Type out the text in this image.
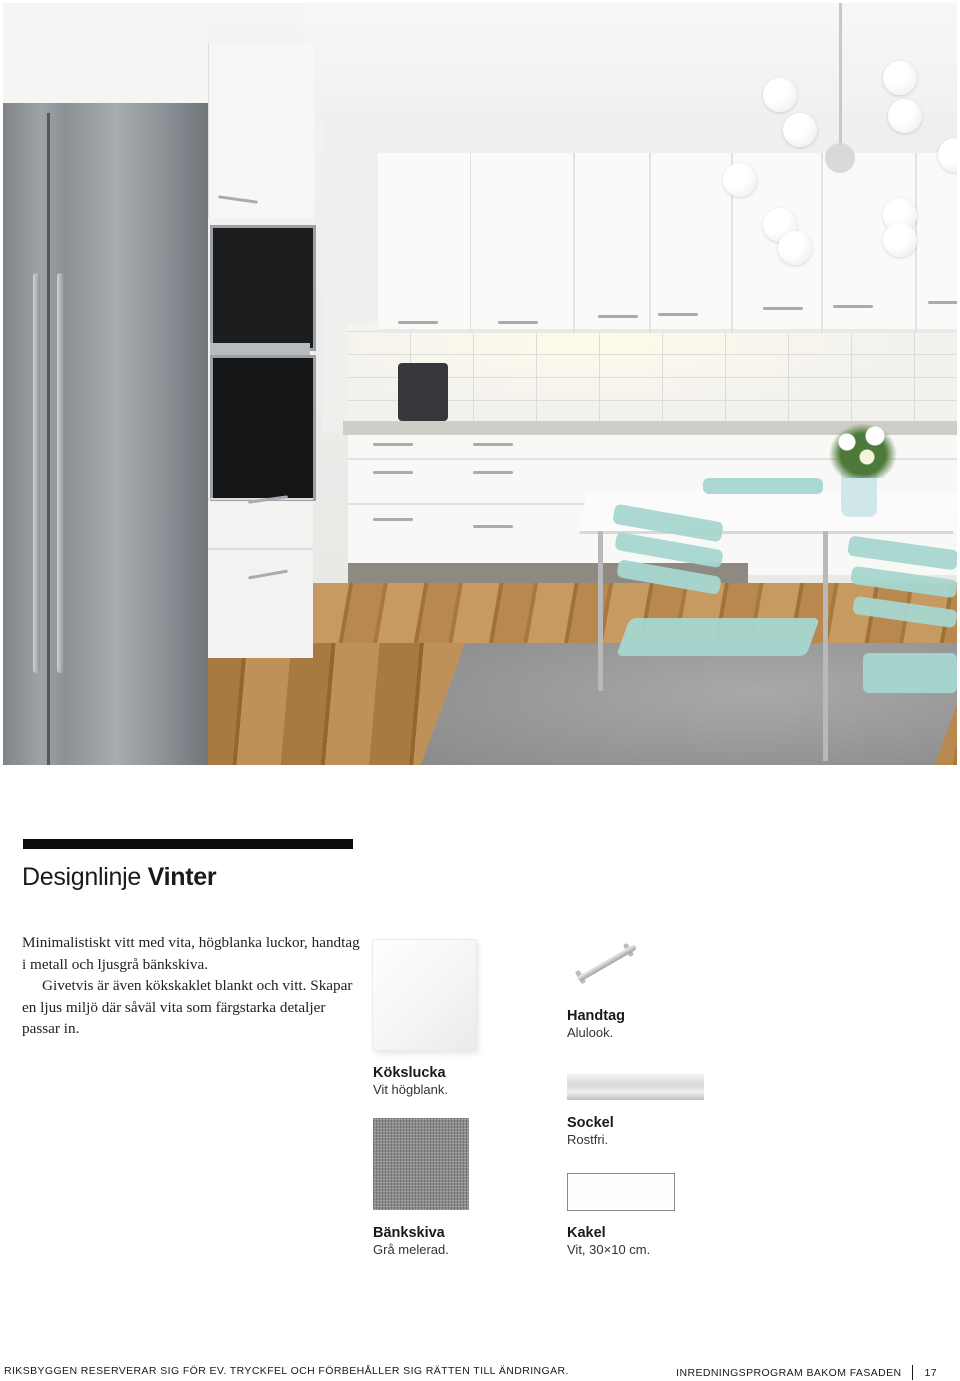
Designlinje Vinter

Minimalistiskt vitt med vita, högblanka luckor, handtag i metall och ljusgrå bänkskiva.

Givetvis är även kökskaklet blankt och vitt. Skapar en ljus miljö där såväl vita som färgstarka detaljer passar in.

Kökslucka
Vit högblank.
Handtag
Alulook.
Sockel
Rostfri.
Bänkskiva
Grå melerad.
Kakel
Vit, 30×10 cm.
RIKSBYGGEN RESERVERAR SIG FÖR EV. TRYCKFEL OCH FÖRBEHÅLLER SIG RÄTTEN TILL ÄNDRINGAR.	INREDNINGSPROGRAM BAKOM FASADEN 17
